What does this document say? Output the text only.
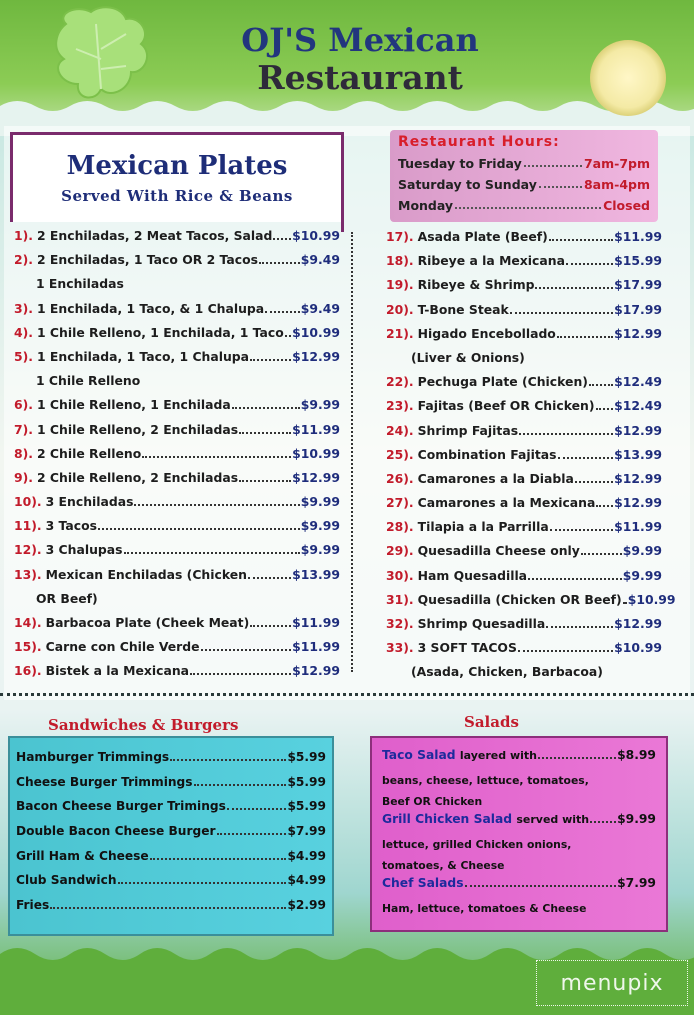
OJ'S Mexican
Restaurant
Mexican Plates
Served With Rice & Beans
Restaurant Hours:
Tuesday to Friday	7am-7pm
Saturday to Sunday	8am-4pm
Monday	Closed
1). 2 Enchiladas, 2 Meat Tacos, Salad $10.99
2). 2 Enchiladas, 1 Taco OR 2 Tacos	$9.49
1 Enchiladas
3). 1 Enchilada, 1 Taco, & 1 Chalupa	$9.49
4). 1 Chile Relleno, 1 Enchilada, 1 Taco $10.99
5). 1 Enchilada, 1 Taco, 1 Chalupa	$12.99
1 Chile Relleno
6). 1 Chile Relleno, 1 Enchilada	$9.99
7). 1 Chile Relleno, 2 Enchiladas	$11.99
8). 2 Chile Relleno	$10.99
9). 2 Chile Relleno, 2 Enchiladas	$12.99
10). 3 Enchiladas	$9.99
11). 3 Tacos	$9.99
12). 3 Chalupas	$9.99
13). Mexican Enchiladas (Chicken	$13.99
OR Beef)
14). Barbacoa Plate (Cheek Meat)	$11.99
15). Carne con Chile Verde	$11.99
16). Bistek a la Mexicana	$12.99
17). Asada Plate (Beef)	$11.99
18). Ribeye a la Mexicana	$15.99
19). Ribeye & Shrimp	$17.99
20). T-Bone Steak	$17.99
21). Higado Encebollado	$12.99
(Liver & Onions)
22). Pechuga Plate (Chicken) $12.49
23). Fajitas (Beef OR Chicken) $12.49
24). Shrimp Fajitas	$12.99
25). Combination Fajitas	$13.99
26). Camarones a la Diabla	$12.99
27). Camarones a la Mexicana $12.99
28). Tilapia a la Parrilla	$11.99
29). Quesadilla Cheese only	$9.99
30). Ham Quesadilla	$9.99
31). Quesadilla (Chicken OR Beef) $10.99
32). Shrimp Quesadilla	$12.99
33). 3 SOFT TACOS	$10.99
(Asada, Chicken, Barbacoa)
Sandwiches & Burgers
Hamburger Trimmings	$5.99
Cheese Burger Trimmings	$5.99
Bacon Cheese Burger Trimings	$5.99
Double Bacon Cheese Burger	$7.99
Grill Ham & Cheese	$4.99
Club Sandwich	$4.99
Fries	$2.99
Salads
Taco Salad layered with	$8.99
beans, cheese, lettuce, tomatoes,
Beef OR Chicken
Grill Chicken Salad served with $9.99
lettuce, grilled Chicken onions,
tomatoes, & Cheese
Chef Salads	$7.99
Ham, lettuce, tomatoes & Cheese
menupix
